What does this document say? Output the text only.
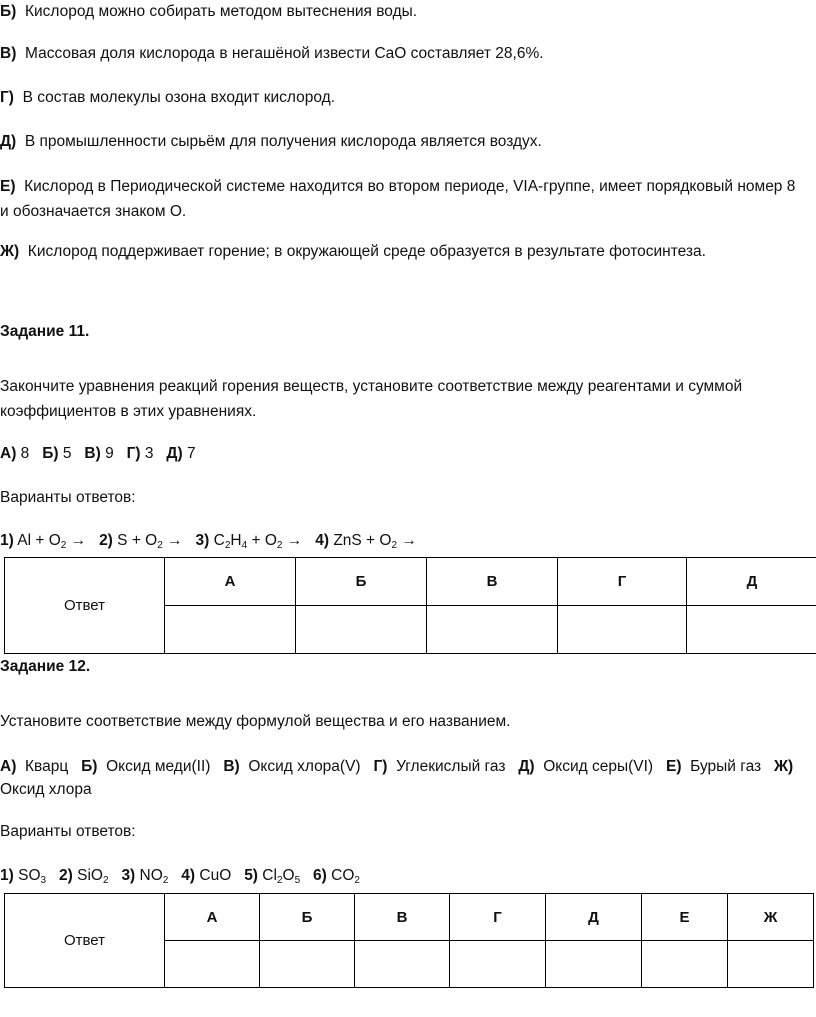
Б) Кислород можно собирать методом вытеснения воды.
В) Массовая доля кислорода в негашёной извести CaO составляет 28,6%.
Г) В состав молекулы озона входит кислород.
Д) В промышленности сырьём для получения кислорода является воздух.
Е) Кислород в Периодической системе находится во втором периоде, VIA-группе, имеет порядковый номер 8 и обозначается знаком О.
Ж) Кислород поддерживает горение; в окружающей среде образуется в результате фотосинтеза.
Задание 11.
Закончите уравнения реакций горения веществ, установите соответствие между реагентами и суммой коэффициентов в этих уравнениях.
А) 8 Б) 5 В) 9 Г) 3 Д) 7
Варианты ответов:
1) $Al + O_2 \to 2$) $S + O_2 \to 3$) $C_2H_4 + O_2 \to 4$) ZnS + $O_2$ →
Ответ	А	Б	В	Г	Д

Задание 12.
Установите соответствие между формулой вещества и его названием.
А) Кварц Б) Оксид меди(II) В) Оксид хлора(V) Г) Углекислый газ Д) Оксид серы(VI) Е) Бурый газ Ж) Оксид хлора
Варианты ответов:
1) $SO_3$ 2) SiO$_2$ 3) $NO_2$ 4) CuO 5) $Cl_2O_5$ 6) $CO_2$
Ответ	А	Б	В	Г	Д	Е	Ж
